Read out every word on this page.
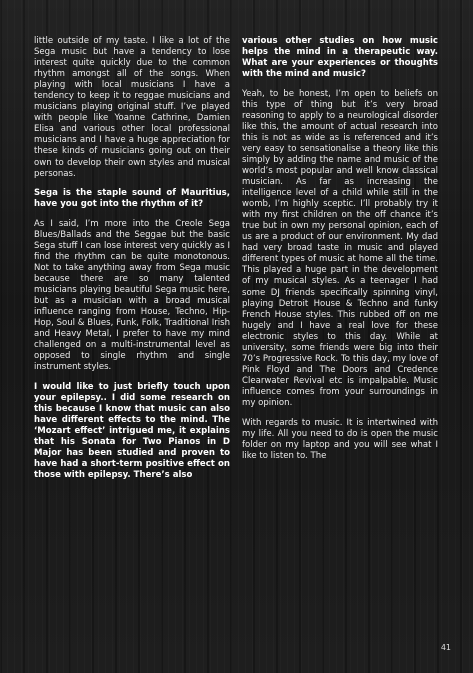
little outside of my taste. I like a lot of the Sega music but have a tendency to lose interest quite quickly due to the common rhythm amongst all of the songs. When playing with local musicians I have a tendency to keep it to reggae musicians and musicians playing original stuff. I’ve played with people like Yoanne Cathrine, Damien Elisa and various other local professional musicians and I have a huge appreciation for these kinds of musicians going out on their own to develop their own styles and musical personas.

Sega is the staple sound of Mauritius, have you got into the rhythm of it?

As I said, I’m more into the Creole Sega Blues/Ballads and the Seggae but the basic Sega stuff I can lose interest very quickly as I find the rhythm can be quite monotonous. Not to take anything away from Sega music because there are so many talented musicians playing beautiful Sega music here, but as a musician with a broad musical influence ranging from House, Techno, Hip-Hop, Soul & Blues, Funk, Folk, Traditional Irish and Heavy Metal, I prefer to have my mind challenged on a multi-instrumental level as opposed to single rhythm and single instrument styles.

I would like to just briefly touch upon your epilepsy.. I did some research on this because I know that music can also have different effects to the mind. The ‘Mozart effect’ intrigued me, it explains that his Sonata for Two Pianos in D Major has been studied and proven to have had a short-term positive effect on those with epilepsy. There’s also

various other studies on how music helps the mind in a therapeutic way. What are your experiences or thoughts with the mind and music?

Yeah, to be honest, I’m open to beliefs on this type of thing but it’s very broad reasoning to apply to a neurological disorder like this, the amount of actual research into this is not as wide as is referenced and it’s very easy to sensationalise a theory like this simply by adding the name and music of the world’s most popular and well know classical musician. As far as increasing the intelligence level of a child while still in the womb, I’m highly sceptic. I’ll probably try it with my first children on the off chance it’s true but in own my personal opinion, each of us are a product of our environment. My dad had very broad taste in music and played different types of music at home all the time. This played a huge part in the development of my musical styles. As a teenager I had some DJ friends specifically spinning vinyl, playing Detroit House & Techno and funky French House styles. This rubbed off on me hugely and I have a real love for these electronic styles to this day. While at university, some friends were big into their 70’s Progressive Rock. To this day, my love of Pink Floyd and The Doors and Credence Clearwater Revival etc is impalpable. Music influence comes from your surroundings in my opinion.

With regards to music. It is intertwined with my life. All you need to do is open the music folder on my laptop and you will see what I like to listen to. The

41
